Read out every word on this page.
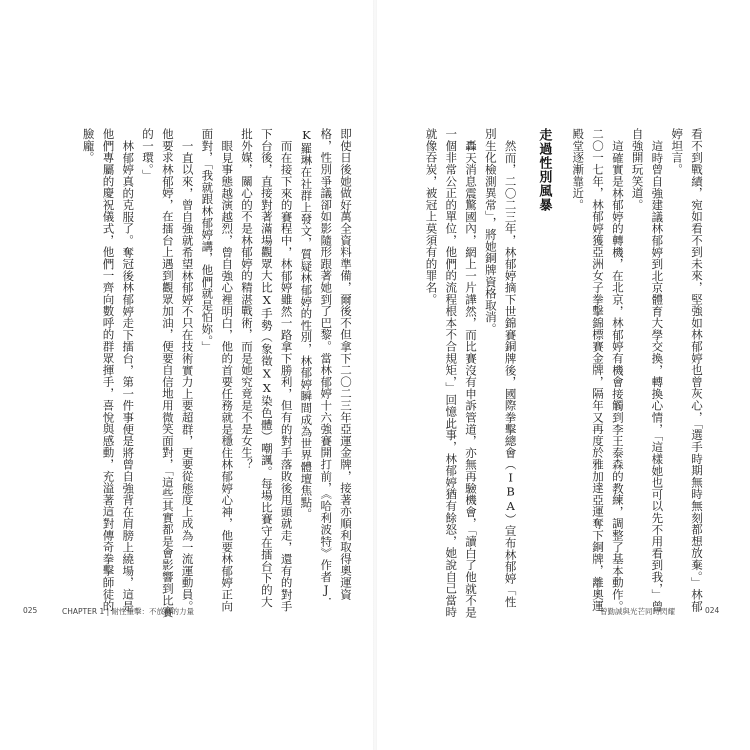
即使日後她做好萬全資料準備，爾後不但拿下二〇二三年亞運金牌，接著亦順利取得奧運資格，性別爭議卻如影隨形跟著她到了巴黎。當林郁婷十六強賽開打前，《哈利波特》作者J．K羅琳在社群上發文，質疑林郁婷的性別，林郁婷瞬間成為世界體壇焦點。

而在接下來的賽程中，林郁婷雖然一路拿下勝利，但有的對手落敗後甩頭就走，還有的對手下台後，直接對著滿場觀眾大比X手勢（象徵XX染色體）嘲諷。每場比賽守在擂台下的大批外媒，關心的不是林郁婷的精湛戰術，而是她究竟是不是女生？

眼見事態越演越烈，曾自強心裡明白，他的首要任務就是穩住林郁婷心神，他要林郁婷正向面對，「我就跟林郁婷講，他們就是怕妳。」

一直以來，曾自強就希望林郁婷不只在技術實力上要超群，更要從態度上成為一流運動員。他要求林郁婷，在擂台上遇到觀眾加油，便要自信地用微笑面對，「這些其實都是會影響到比賽的一環。」

林郁婷真的克服了。奪冠後林郁婷走下擂台，第一件事便是將曾自強背在肩膀上繞場，這是他們專屬的慶祝儀式，他們一齊向數呼的群眾揮手，喜悅與感動，充溢著這對傳奇拳擊師徒的臉龐。

025	CHAPTER 1 | 耐性重擊：不放棄的力量	看不到戰績，宛如看不到未來，堅強如林郁婷也曾灰心，「選手時期無時無刻都想放棄。」林郁婷坦言。

這時曾自強建議林郁婷到北京體育大學交換，轉換心情，「這樣她也可以先不用看到我，」曾自強開玩笑道。

這確實是林郁婷的轉機，在北京，林郁婷有機會接觸到李王泰森的教練，調整了基本動作。二〇一七年，林郁婷獲亞洲女子拳擊錦標賽金牌，隔年又再度於雅加達亞運奪下銅牌，離奧運殿堂逐漸靠近。

走過性別風暴

然而，二〇二三年，林郁婷摘下世錦賽銅牌後，國際拳擊總會（IBA）宣布林郁婷「性別生化檢測異常」，將她銅牌資格取消。

轟天消息震驚國內，網上一片譁然，而比賽沒有申訴管道，亦無再驗機會，「讀白了他就不是一個非常公正的單位，他們的流程根本不合規矩，」回憶此事，林郁婷猶有餘怒，她說自己當時就像吞炭，被冠上莫須有的罪名。

曾勤誠與光芒同時閃耀	024
